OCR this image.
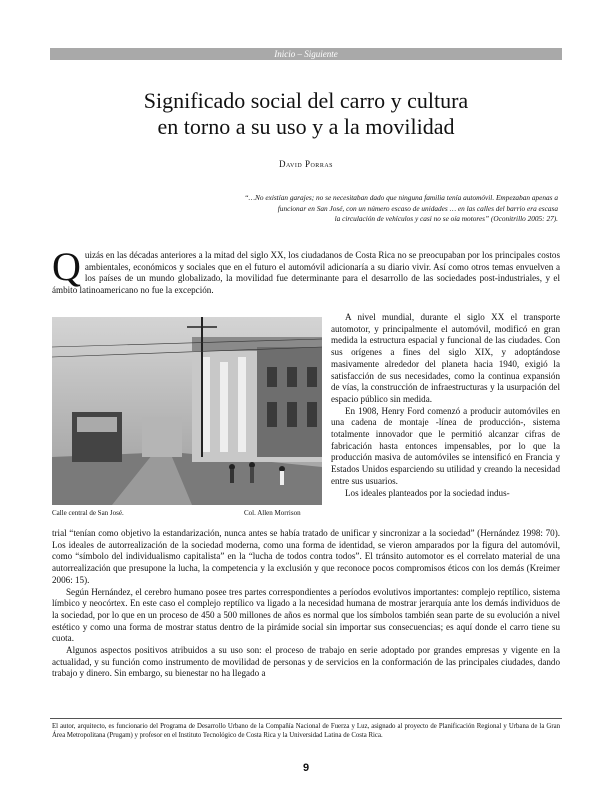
Inicio – Siguiente
Significado social del carro y cultura
en torno a su uso y a la movilidad
David Porras
“…No existían garajes; no se necesitaban dado que ninguna familia tenía automóvil. Empezaban apenas a
funcionar en San José, con un número escaso de unidades … en las calles del barrio era escasa
la circulación de vehículos y casi no se oía motores” (Oconitrillo 2005: 27).
Quizás en las décadas anteriores a la mitad del siglo XX, los ciudadanos de Costa Rica no se preocupaban por los principales costos ambientales, económicos y sociales que en el futuro el automóvil adicionaría a su diario vivir. Así como otros temas envuelven a los países de un mundo globalizado, la movilidad fue determinante para el desarrollo de las sociedades post-industriales, y el ámbito latinoamericano no fue la excepción.
Calle central de San José.	Col. Allen Morrison
A nivel mundial, durante el siglo XX el transporte automotor, y principalmente el automóvil, modificó en gran medida la estructura espacial y funcional de las ciudades. Con sus orígenes a fines del siglo XIX, y adoptándose masivamente alrededor del planeta hacia 1940, exigió la satisfacción de sus necesidades, como la continua expansión de vías, la construcción de infraestructuras y la usurpación del espacio público sin medida.
En 1908, Henry Ford comenzó a producir automóviles en una cadena de montaje -línea de producción-, sistema totalmente innovador que le permitió alcanzar cifras de fabricación hasta entonces impensables, por lo que la producción masiva de automóviles se intensificó en Francia y Estados Unidos esparciendo su utilidad y creando la necesidad entre sus usuarios.
Los ideales planteados por la sociedad indus-
trial “tenían como objetivo la estandarización, nunca antes se había tratado de unificar y sincronizar a la sociedad” (Hernández 1998: 70). Los ideales de autorrealización de la sociedad moderna, como una forma de identidad, se vieron amparados por la figura del automóvil, como “símbolo del individualismo capitalista” en la “lucha de todos contra todos”. El tránsito automotor es el correlato material de una autorrealización que presupone la lucha, la competencia y la exclusión y que reconoce pocos compromisos éticos con los demás (Kreimer 2006: 15).
Según Hernández, el cerebro humano posee tres partes correspondientes a períodos evolutivos importantes: complejo reptílico, sistema límbico y neocórtex. En este caso el complejo reptílico va ligado a la necesidad humana de mostrar jerarquía ante los demás individuos de la sociedad, por lo que en un proceso de 450 a 500 millones de años es normal que los símbolos también sean parte de su evolución a nivel estético y como una forma de mostrar status dentro de la pirámide social sin importar sus consecuencias; es aquí donde el carro tiene su cuota.
Algunos aspectos positivos atribuidos a su uso son: el proceso de trabajo en serie adoptado por grandes empresas y vigente en la actualidad, y su función como instrumento de movilidad de personas y de servicios en la conformación de las principales ciudades, dando trabajo y dinero. Sin embargo, su bienestar no ha llegado a
El autor, arquitecto, es funcionario del Programa de Desarrollo Urbano de la Compañía Nacional de Fuerza y Luz, asignado al proyecto de Planificación Regional y Urbana de la Gran Área Metropolitana (Prugam) y profesor en el Instituto Tecnológico de Costa Rica y la Universidad Latina de Costa Rica.
9
